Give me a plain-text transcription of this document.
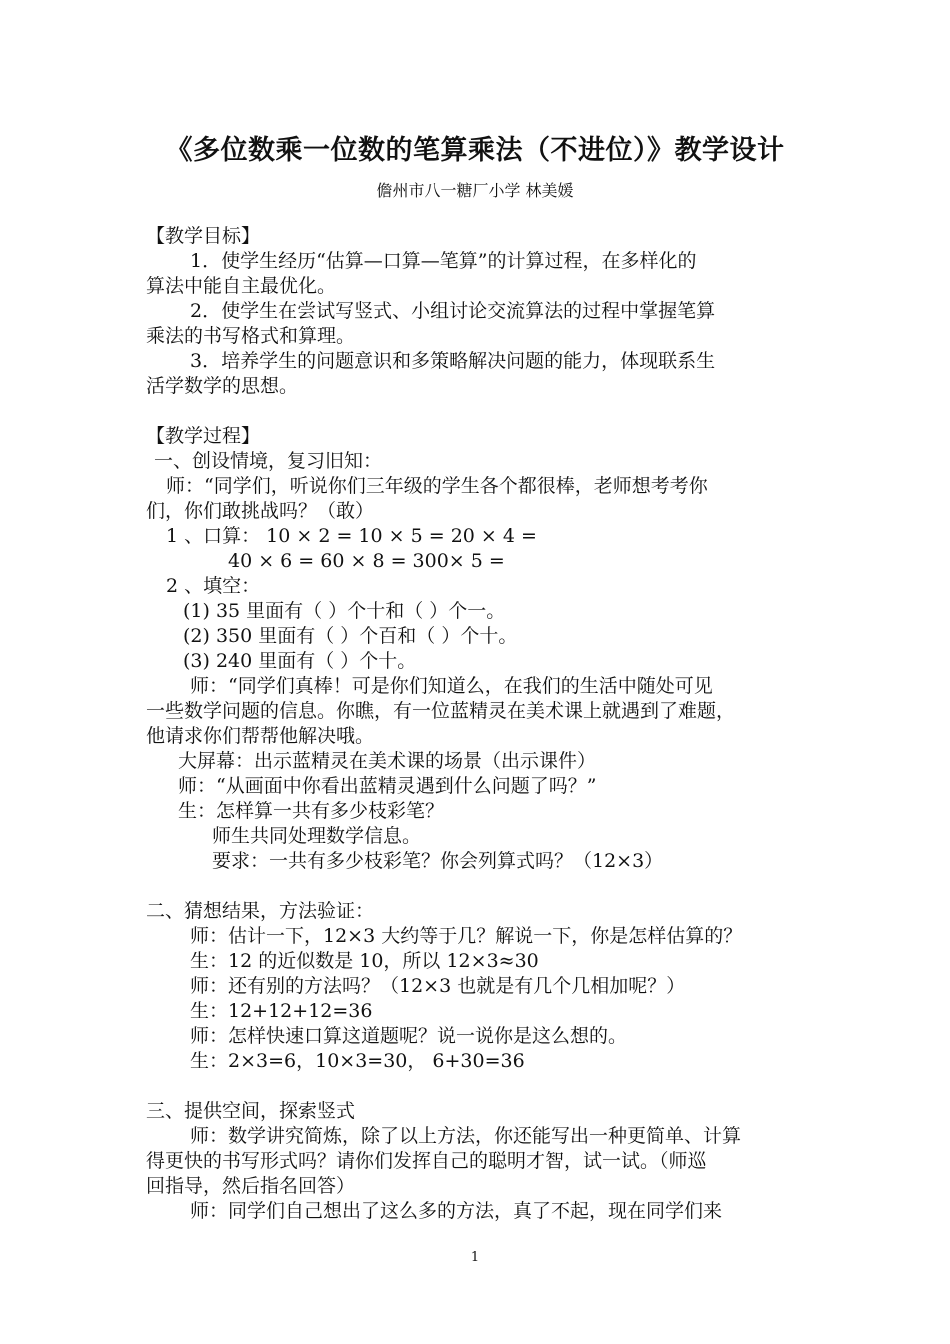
《多位数乘一位数的笔算乘法（不进位）》教学设计
儋州市八一糖厂小学 林美媛
【教学目标】
1．使学生经历“估算—口算—笔算”的计算过程，在多样化的
算法中能自主最优化。
2．使学生在尝试写竖式、小组讨论交流算法的过程中掌握笔算
乘法的书写格式和算理。
3．培养学生的问题意识和多策略解决问题的能力，体现联系生
活学数学的思想。
【教学过程】
一、创设情境，复习旧知：
师：“同学们，听说你们三年级的学生各个都很棒，老师想考考你
们，你们敢挑战吗？（敢）
1 、口算： 10 × 2 = 10 × 5 = 20 × 4 =
40 × 6 = 60 × 8 = 300× 5 =
2 、填空：
(1) 35 里面有（ ）个十和（ ）个一。
(2) 350 里面有（ ）个百和（ ）个十。
(3) 240 里面有（ ）个十。
师：“同学们真棒！可是你们知道么，在我们的生活中随处可见
一些数学问题的信息。你瞧，有一位蓝精灵在美术课上就遇到了难题，
他请求你们帮帮他解决哦。
大屏幕：出示蓝精灵在美术课的场景（出示课件）
师：“从画面中你看出蓝精灵遇到什么问题了吗？”
生：怎样算一共有多少枝彩笔？
师生共同处理数学信息。
要求：一共有多少枝彩笔？你会列算式吗？（12×3）
二、猜想结果，方法验证：
师：估计一下，12×3 大约等于几？解说一下，你是怎样估算的？
生：12 的近似数是 10，所以 12×3≈30
师：还有别的方法吗？（12×3 也就是有几个几相加呢？）
生：12+12+12=36
师：怎样快速口算这道题呢？说一说你是这么想的。
生：2×3=6，10×3=30， 6+30=36
三、提供空间，探索竖式
师：数学讲究简炼，除了以上方法，你还能写出一种更简单、计算
得更快的书写形式吗？请你们发挥自己的聪明才智，试一试。（师巡
回指导，然后指名回答）
师：同学们自己想出了这么多的方法，真了不起，现在同学们来
1
